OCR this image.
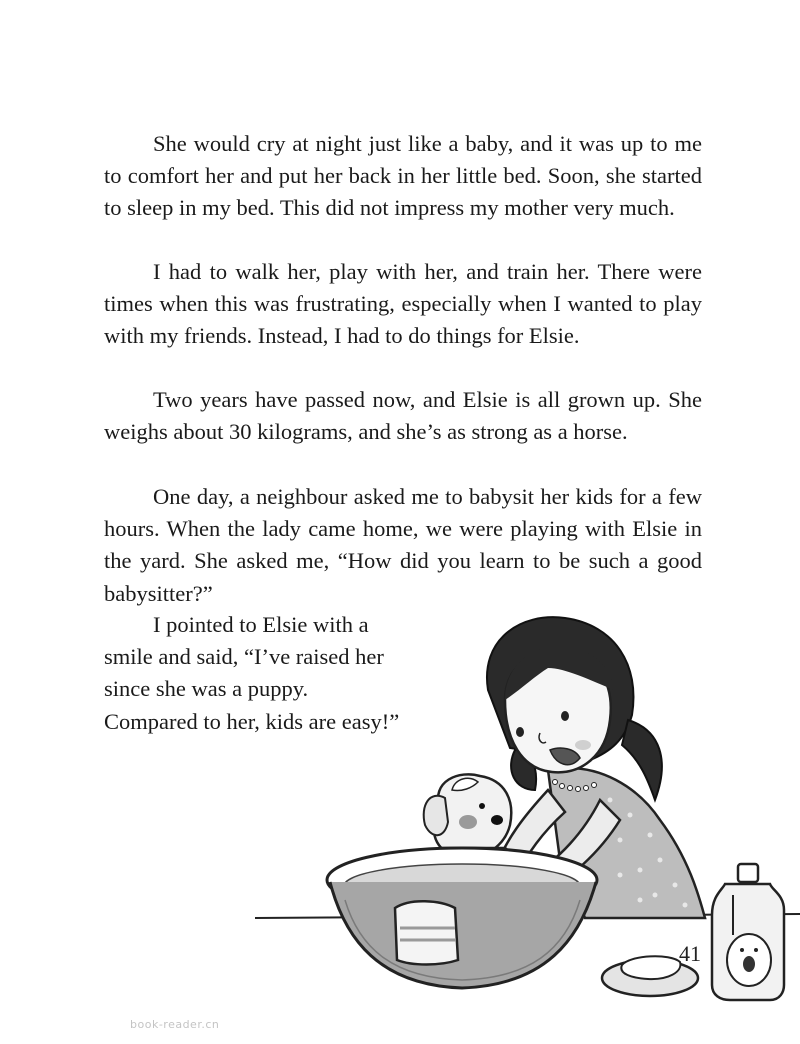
She would cry at night just like a baby, and it was up to me to comfort her and put her back in her little bed. Soon, she started to sleep in my bed. This did not impress my mother very much.

I had to walk her, play with her, and train her. There were times when this was frustrating, especially when I wanted to play with my friends. Instead, I had to do things for Elsie.

Two years have passed now, and Elsie is all grown up. She weighs about 30 kilograms, and she’s as strong as a horse.

One day, a neighbour asked me to babysit her kids for a few hours. When the lady came home, we were playing with Elsie in the yard. She asked me, “How did you learn to be such a good babysitter?”

I pointed to Elsie with a smile and said, “I’ve raised her since she was a puppy. Compared to her, kids are easy!”

41
book-reader.cn
